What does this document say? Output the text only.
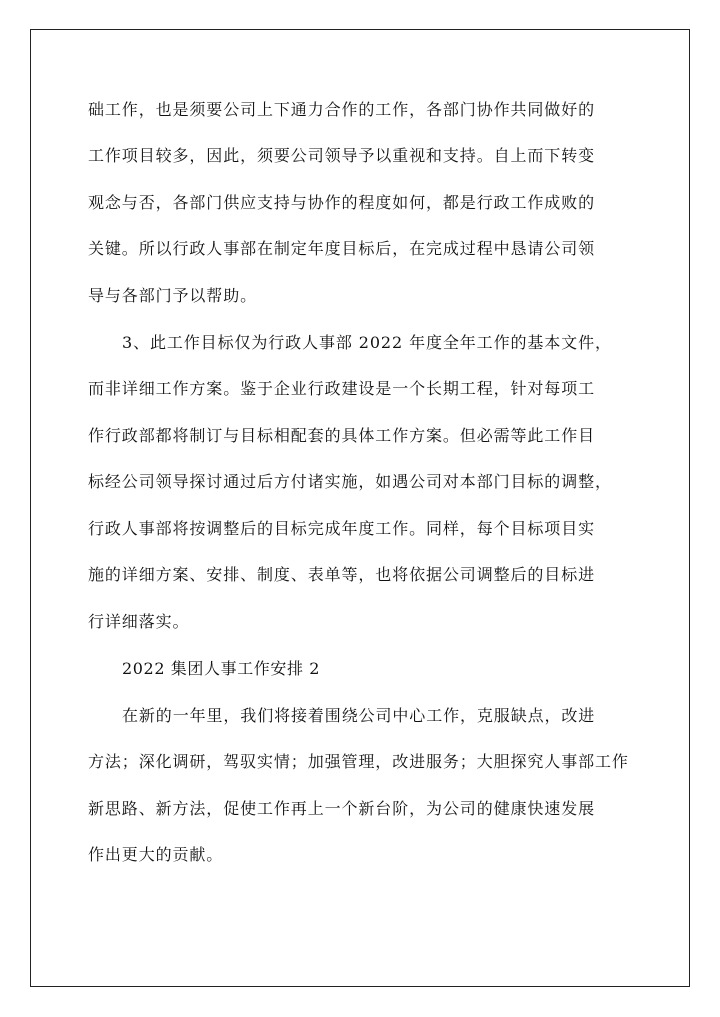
础工作，也是须要公司上下通力合作的工作，各部门协作共同做好的
工作项目较多，因此，须要公司领导予以重视和支持。自上而下转变
观念与否，各部门供应支持与协作的程度如何，都是行政工作成败的
关键。所以行政人事部在制定年度目标后，在完成过程中恳请公司领
导与各部门予以帮助。
3、此工作目标仅为行政人事部 2022 年度全年工作的基本文件，
而非详细工作方案。鉴于企业行政建设是一个长期工程，针对每项工
作行政部都将制订与目标相配套的具体工作方案。但必需等此工作目
标经公司领导探讨通过后方付诸实施，如遇公司对本部门目标的调整，
行政人事部将按调整后的目标完成年度工作。同样，每个目标项目实
施的详细方案、安排、制度、表单等，也将依据公司调整后的目标进
行详细落实。
2022 集团人事工作安排 2
在新的一年里，我们将接着围绕公司中心工作，克服缺点，改进
方法；深化调研，驾驭实情；加强管理，改进服务；大胆探究人事部工作
新思路、新方法，促使工作再上一个新台阶，为公司的健康快速发展
作出更大的贡献。
